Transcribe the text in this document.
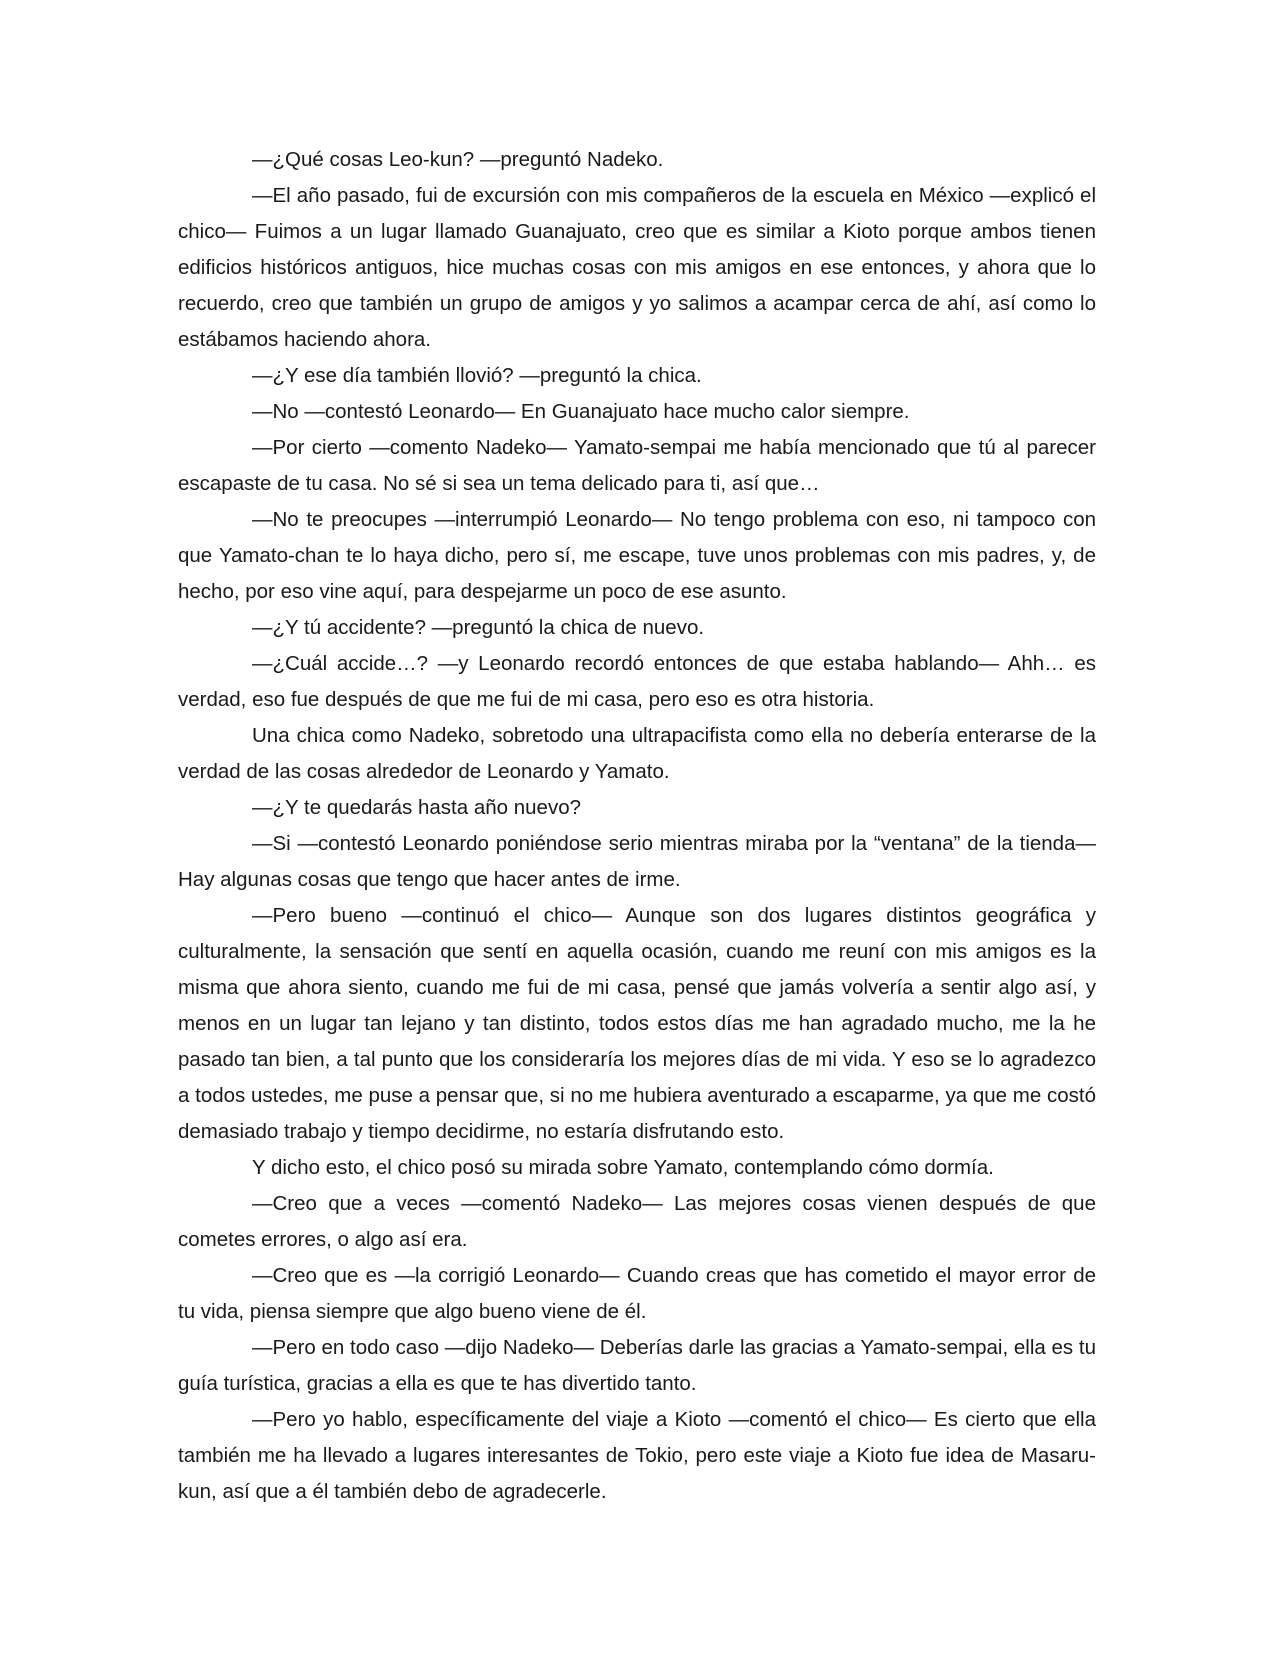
—¿Qué cosas Leo-kun? —preguntó Nadeko.

—El año pasado, fui de excursión con mis compañeros de la escuela en México —explicó el chico— Fuimos a un lugar llamado Guanajuato, creo que es similar a Kioto porque ambos tienen edificios históricos antiguos, hice muchas cosas con mis amigos en ese entonces, y ahora que lo recuerdo, creo que también un grupo de amigos y yo salimos a acampar cerca de ahí, así como lo estábamos haciendo ahora.

—¿Y ese día también llovió? —preguntó la chica.

—No —contestó Leonardo— En Guanajuato hace mucho calor siempre.

—Por cierto —comento Nadeko— Yamato-sempai me había mencionado que tú al parecer escapaste de tu casa. No sé si sea un tema delicado para ti, así que…

—No te preocupes —interrumpió Leonardo— No tengo problema con eso, ni tampoco con que Yamato-chan te lo haya dicho, pero sí, me escape, tuve unos problemas con mis padres, y, de hecho, por eso vine aquí, para despejarme un poco de ese asunto.

—¿Y tú accidente? —preguntó la chica de nuevo.

—¿Cuál accide…? —y Leonardo recordó entonces de que estaba hablando— Ahh… es verdad, eso fue después de que me fui de mi casa, pero eso es otra historia.

Una chica como Nadeko, sobretodo una ultrapacifista como ella no debería enterarse de la verdad de las cosas alrededor de Leonardo y Yamato.

—¿Y te quedarás hasta año nuevo?

—Si —contestó Leonardo poniéndose serio mientras miraba por la “ventana” de la tienda— Hay algunas cosas que tengo que hacer antes de irme.

—Pero bueno —continuó el chico— Aunque son dos lugares distintos geográfica y culturalmente, la sensación que sentí en aquella ocasión, cuando me reuní con mis amigos es la misma que ahora siento, cuando me fui de mi casa, pensé que jamás volvería a sentir algo así, y menos en un lugar tan lejano y tan distinto, todos estos días me han agradado mucho, me la he pasado tan bien, a tal punto que los consideraría los mejores días de mi vida. Y eso se lo agradezco a todos ustedes, me puse a pensar que, si no me hubiera aventurado a escaparme, ya que me costó demasiado trabajo y tiempo decidirme, no estaría disfrutando esto.

Y dicho esto, el chico posó su mirada sobre Yamato, contemplando cómo dormía.

—Creo que a veces —comentó Nadeko— Las mejores cosas vienen después de que cometes errores, o algo así era.

—Creo que es —la corrigió Leonardo— Cuando creas que has cometido el mayor error de tu vida, piensa siempre que algo bueno viene de él.

—Pero en todo caso —dijo Nadeko— Deberías darle las gracias a Yamato-sempai, ella es tu guía turística, gracias a ella es que te has divertido tanto.

—Pero yo hablo, específicamente del viaje a Kioto —comentó el chico— Es cierto que ella también me ha llevado a lugares interesantes de Tokio, pero este viaje a Kioto fue idea de Masaru-kun, así que a él también debo de agradecerle.
